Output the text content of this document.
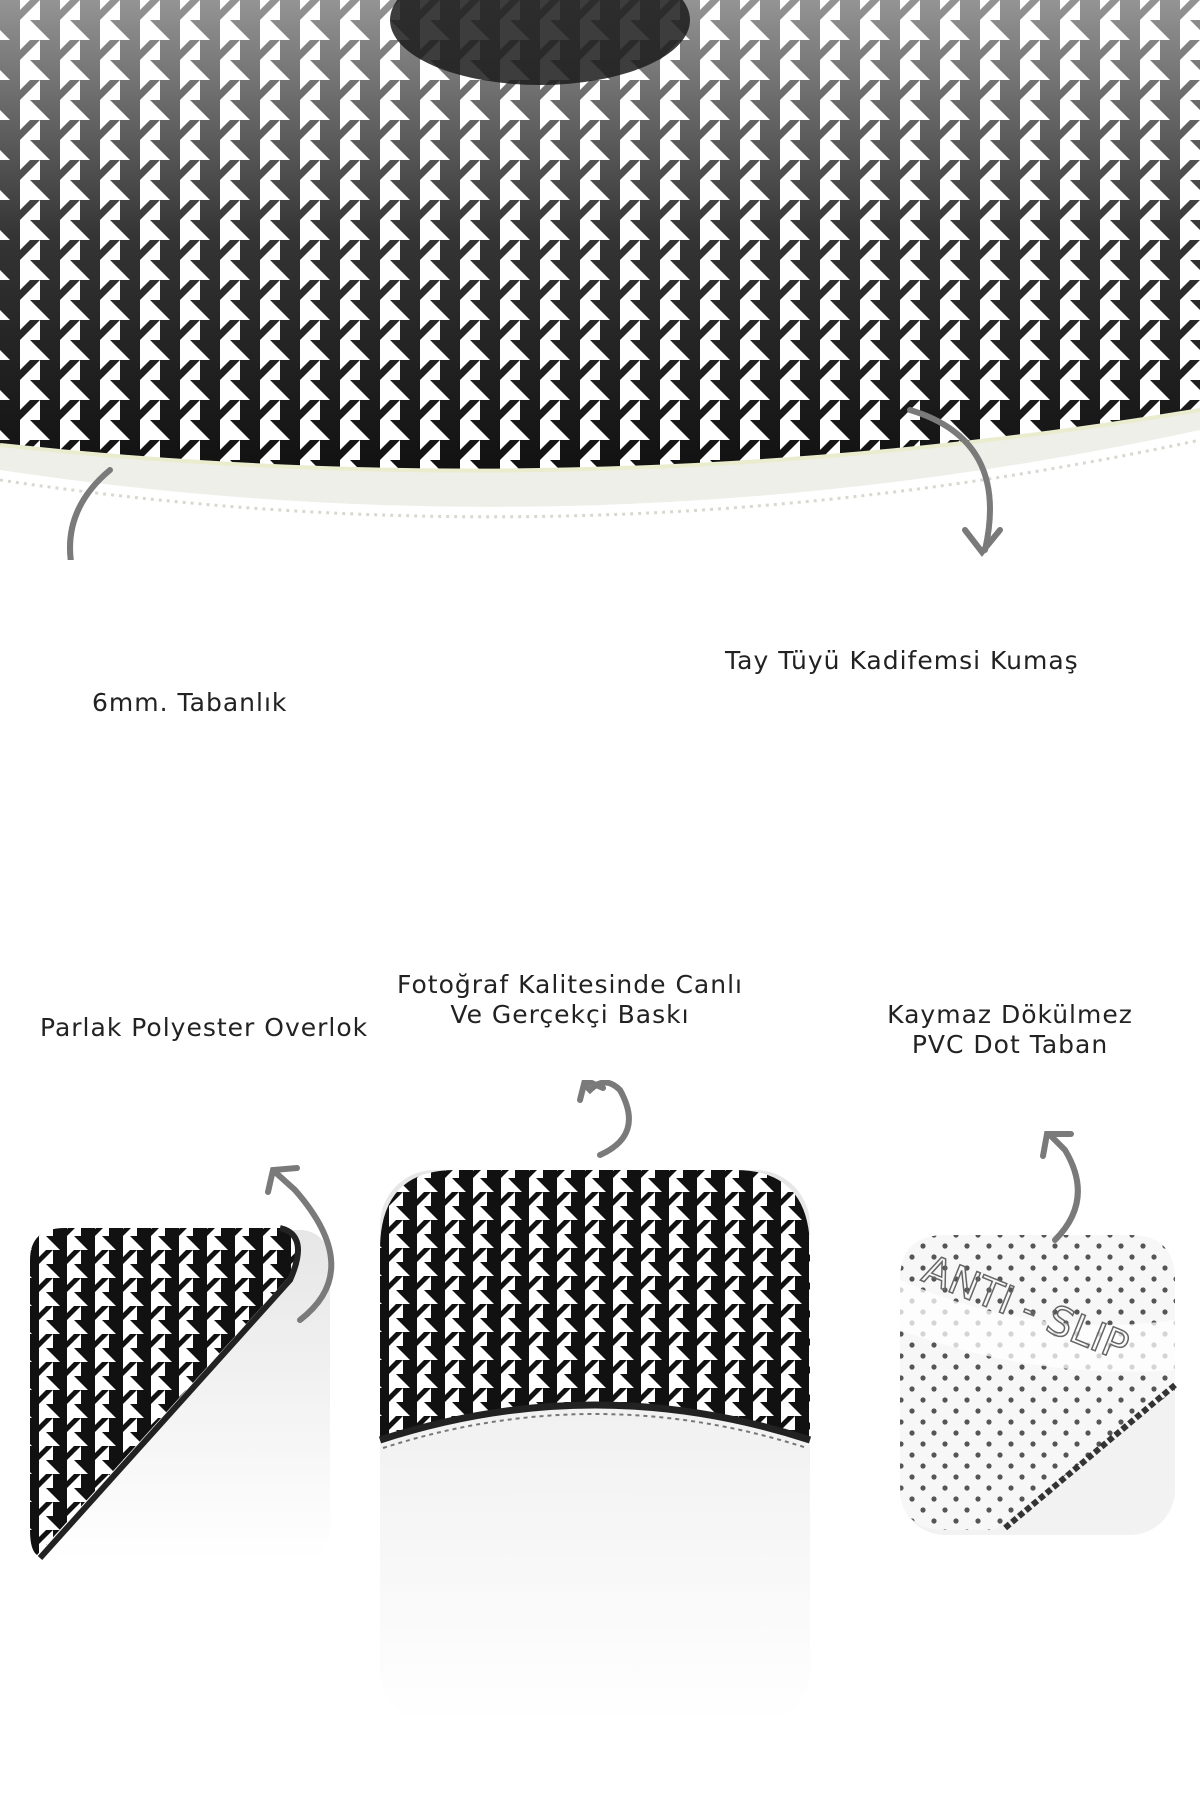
6mm. Tabanlık
Tay Tüyü Kadifemsi Kumaş
Parlak Polyester Overlok
Fotoğraf Kalitesinde Canlı
Ve Gerçekçi Baskı	Kaymaz Dökülmez
PVC Dot Taban
ANTI - SLIP
